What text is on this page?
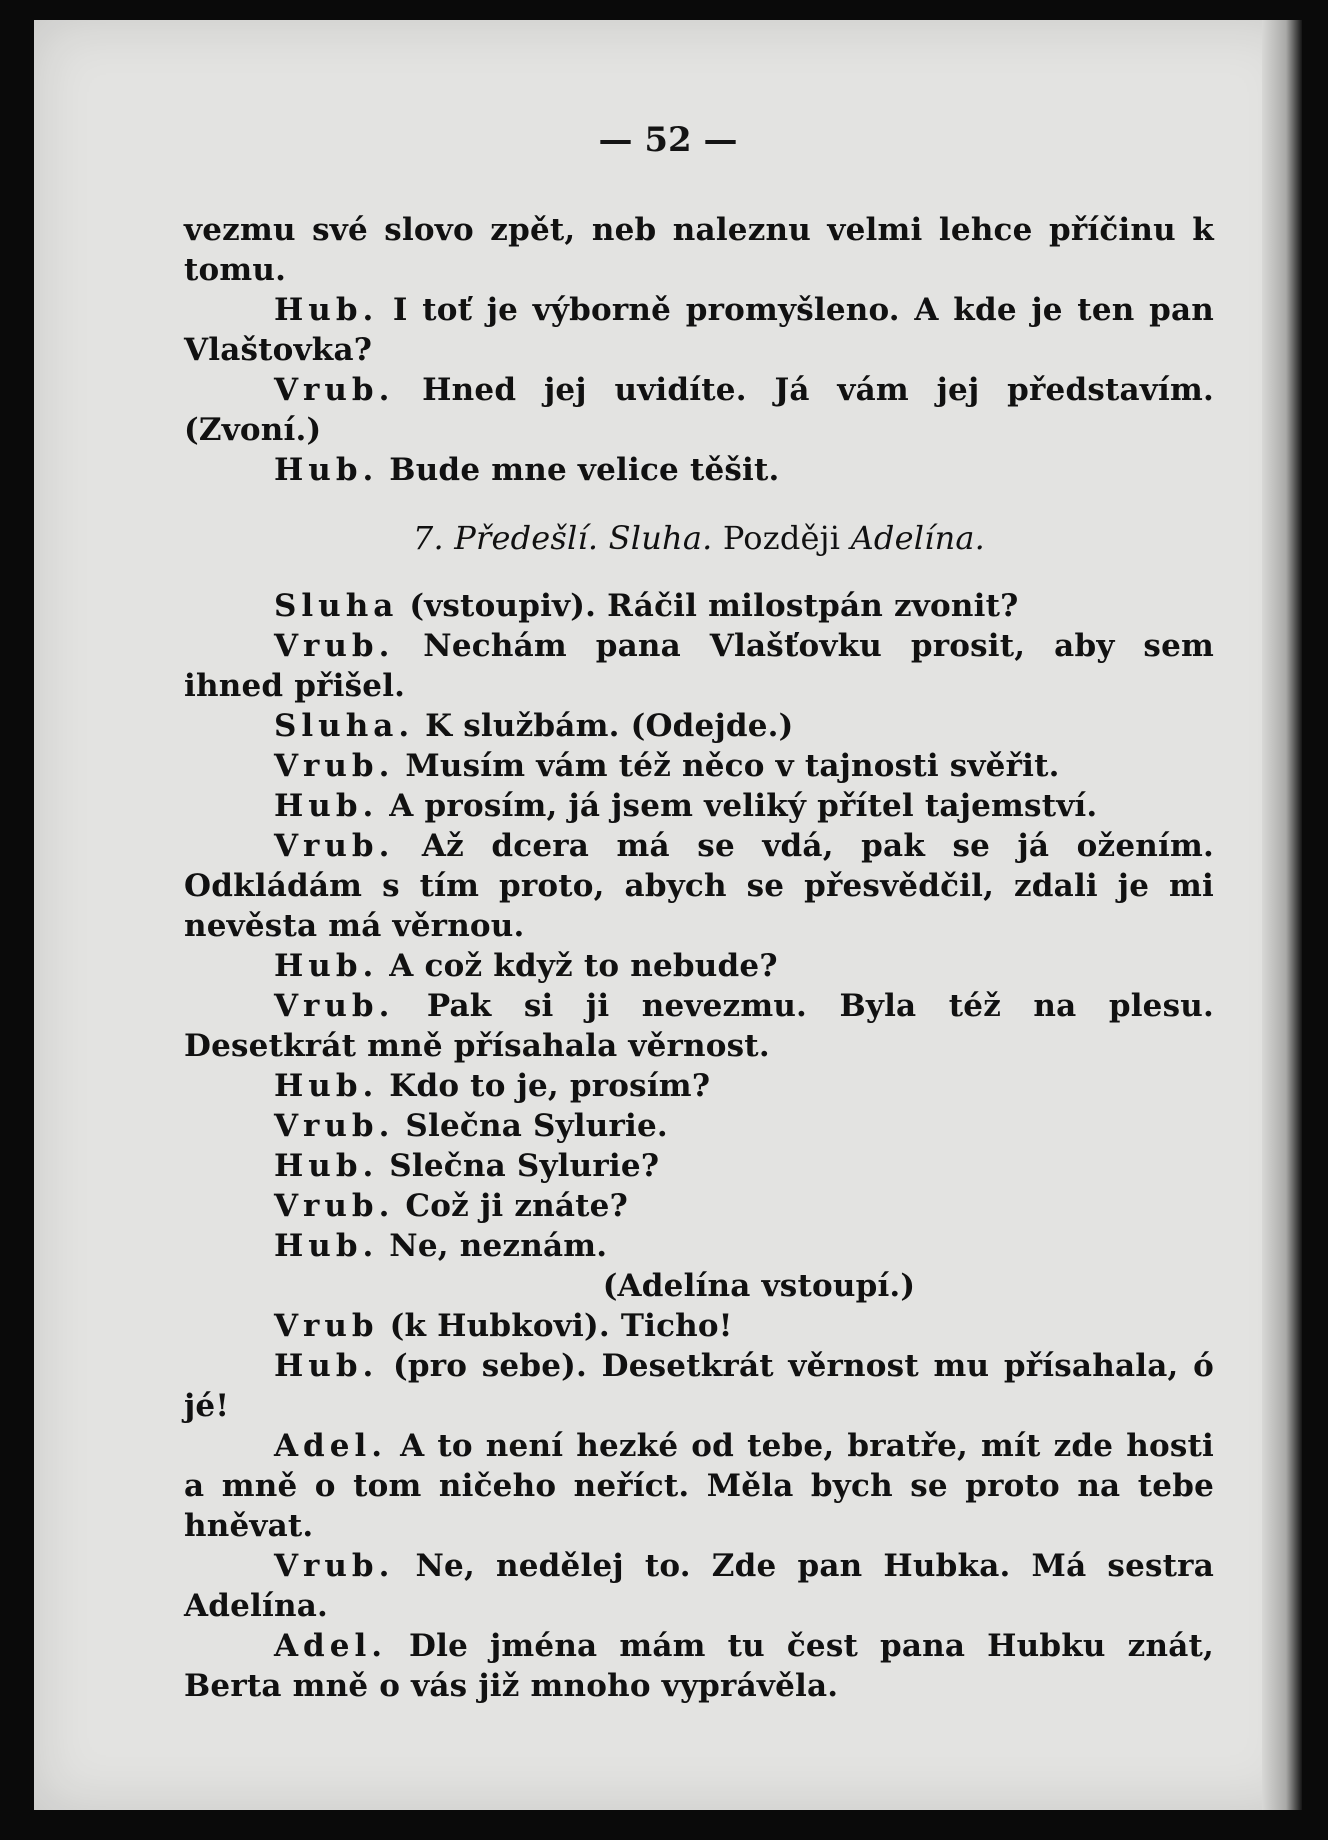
— 52 —

vezmu své slovo zpět, neb naleznu velmi lehce příčinu k tomu.

Hub. I toť je výborně promyšleno. A kde je ten pan Vlaštovka?

Vrub. Hned jej uvidíte. Já vám jej představím. (Zvoní.)

Hub. Bude mne velice těšit.

7. Předešlí. Sluha. Později Adelína.

Sluha (vstoupiv). Ráčil milostpán zvonit?

Vrub. Nechám pana Vlašťovku prosit, aby sem ihned přišel.

Sluha. K službám. (Odejde.)

Vrub. Musím vám též něco v tajnosti svěřit.

Hub. A prosím, já jsem veliký přítel tajemství.

Vrub. Až dcera má se vdá, pak se já ožením. Odkládám s tím proto, abych se přesvědčil, zdali je mi nevěsta má věrnou.

Hub. A což když to nebude?

Vrub. Pak si ji nevezmu. Byla též na plesu. Desetkrát mně přísahala věrnost.

Hub. Kdo to je, prosím?

Vrub. Slečna Sylurie.

Hub. Slečna Sylurie?

Vrub. Což ji znáte?

Hub. Ne, neznám.

(Adelína vstoupí.)

Vrub (k Hubkovi). Ticho!

Hub. (pro sebe). Desetkrát věrnost mu přísahala, ó jé!

Adel. A to není hezké od tebe, bratře, mít zde hosti a mně o tom ničeho neříct. Měla bych se proto na tebe hněvat.

Vrub. Ne, nedělej to. Zde pan Hubka. Má sestra Adelína.

Adel. Dle jména mám tu čest pana Hubku znát, Berta mně o vás již mnoho vyprávěla.
